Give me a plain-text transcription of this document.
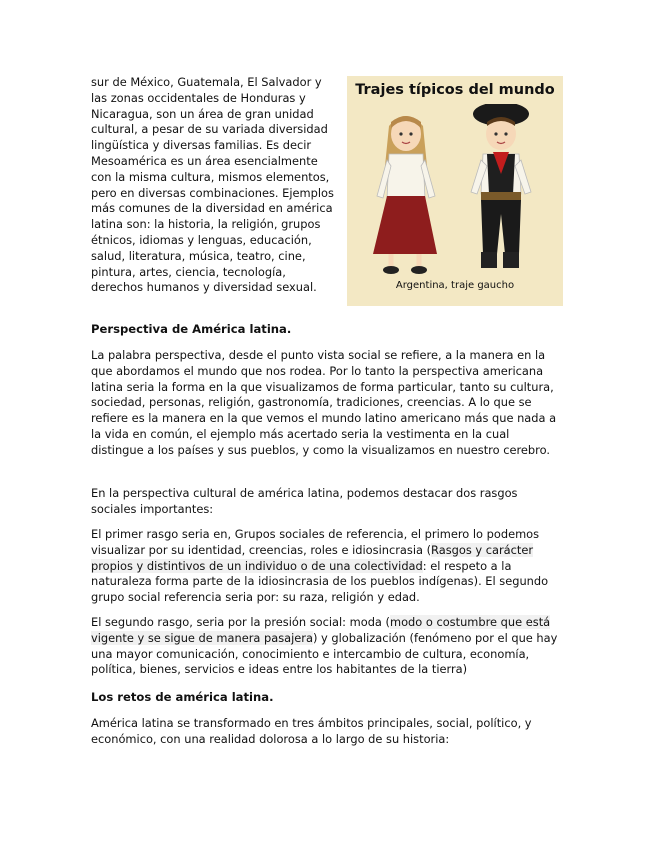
sur de México, Guatemala, El Salvador y las zonas occidentales de Honduras y Nicaragua, son un área de gran unidad cultural, a pesar de su variada diversidad lingüística y diversas familias. Es decir Mesoamérica es un área esencialmente con la misma cultura, mismos elementos, pero en diversas combinaciones. Ejemplos más comunes de la diversidad en américa latina son: la historia, la religión, grupos étnicos, idiomas y lenguas, educación, salud, literatura, música, teatro, cine, pintura, artes, ciencia, tecnología, derechos humanos y diversidad sexual.
Trajes típicos del mundo
Argentina, traje gaucho
Perspectiva de América latina.

La palabra perspectiva, desde el punto vista social se refiere, a la manera en la que abordamos el mundo que nos rodea. Por lo tanto la perspectiva americana latina seria la forma en la que visualizamos de forma particular, tanto su cultura, sociedad, personas, religión, gastronomía, tradiciones, creencias. A lo que se refiere es la manera en la que vemos el mundo latino americano más que nada a la vida en común, el ejemplo más acertado seria la vestimenta en la cual distingue a los países y sus pueblos, y como la visualizamos en nuestro cerebro.

En la perspectiva cultural de américa latina, podemos destacar dos rasgos sociales importantes:

El primer rasgo seria en, Grupos sociales de referencia, el primero lo podemos visualizar por su identidad, creencias, roles e idiosincrasia (Rasgos y carácter propios y distintivos de un individuo o de una colectividad: el respeto a la naturaleza forma parte de la idiosincrasia de los pueblos indígenas). El segundo grupo social referencia seria por: su raza, religión y edad.

El segundo rasgo, seria por la presión social: moda (modo o costumbre que está vigente y se sigue de manera pasajera) y globalización (fenómeno por el que hay una mayor comunicación, conocimiento e intercambio de cultura, economía, política, bienes, servicios e ideas entre los habitantes de la tierra)

Los retos de américa latina.

América latina se transformado en tres ámbitos principales, social, político, y económico, con una realidad dolorosa a lo largo de su historia:
